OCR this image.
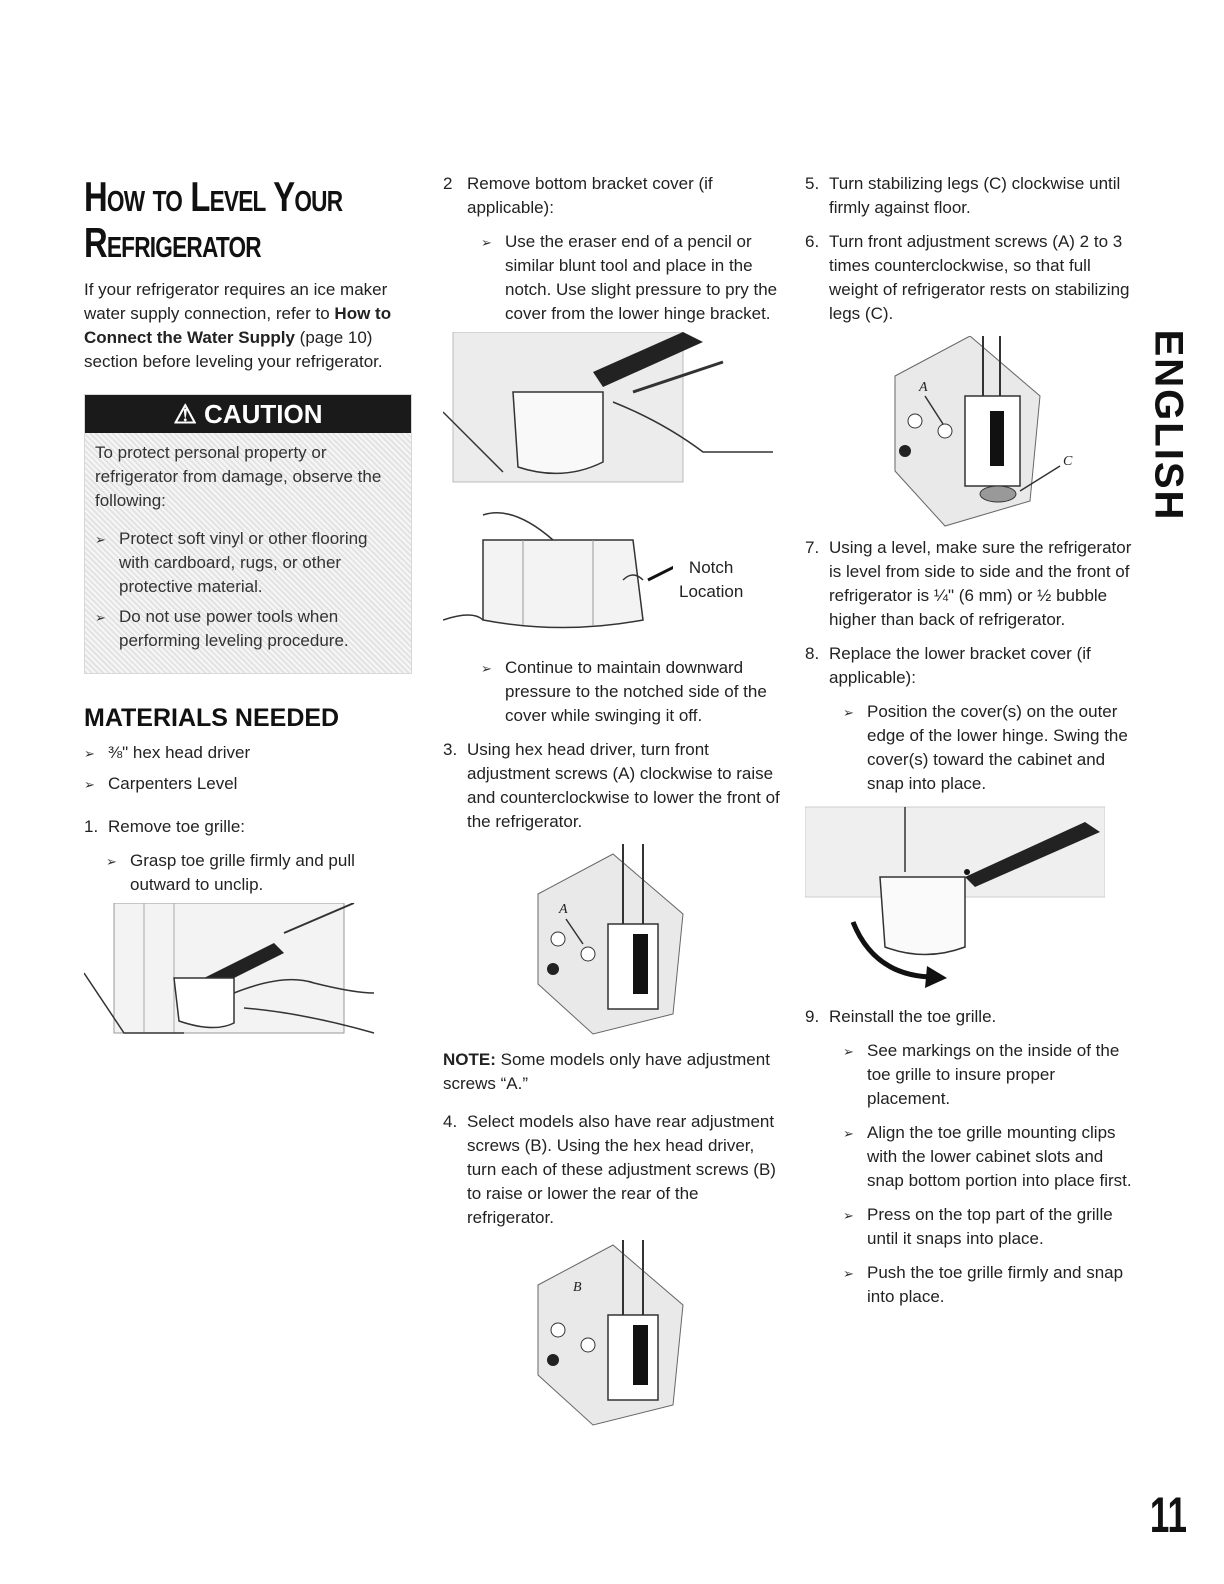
How to Level Your
Refrigerator
If your refrigerator requires an ice maker water supply connection, refer to How to Connect the Water Supply (page 10) section before leveling your refrigerator.
⚠ CAUTION
To protect personal property or refrigerator from damage, observe the following:
➢ Protect soft vinyl or other flooring with cardboard, rugs, or other protective material.
➢ Do not use power tools when performing leveling procedure.
MATERIALS NEEDED
➢ ⅜" hex head driver
➢ Carpenters Level
1. Remove toe grille:
➢ Grasp toe grille firmly and pull outward to unclip.
2 Remove bottom bracket cover (if applicable):
➢ Use the eraser end of a pencil or similar blunt tool and place in the notch. Use slight pressure to pry the cover from the lower hinge bracket.
Notch
Location
➢ Continue to maintain downward pressure to the notched side of the cover while swinging it off.
3. Using hex head driver, turn front adjustment screws (A) clockwise to raise and counterclockwise to lower the front of the refrigerator.
A
NOTE: Some models only have adjustment screws “A.”
4. Select models also have rear adjustment screws (B). Using the hex head driver, turn each of these adjustment screws (B) to raise or lower the rear of the refrigerator.
B
5. Turn stabilizing legs (C) clockwise until firmly against floor.
6. Turn front adjustment screws (A) 2 to 3 times counterclockwise, so that full weight of refrigerator rests on stabilizing legs (C).
A
C
7. Using a level, make sure the refrigerator is level from side to side and the front of refrigerator is ¼" (6 mm) or ½ bubble higher than back of refrigerator.
8. Replace the lower bracket cover (if applicable):
➢ Position the cover(s) on the outer edge of the lower hinge. Swing the cover(s) toward the cabinet and snap into place.
9. Reinstall the toe grille.
➢ See markings on the inside of the toe grille to insure proper placement.
➢ Align the toe grille mounting clips with the lower cabinet slots and snap bottom portion into place first.
➢ Press on the top part of the grille until it snaps into place.
➢ Push the toe grille firmly and snap into place.
ENGLISH
11
